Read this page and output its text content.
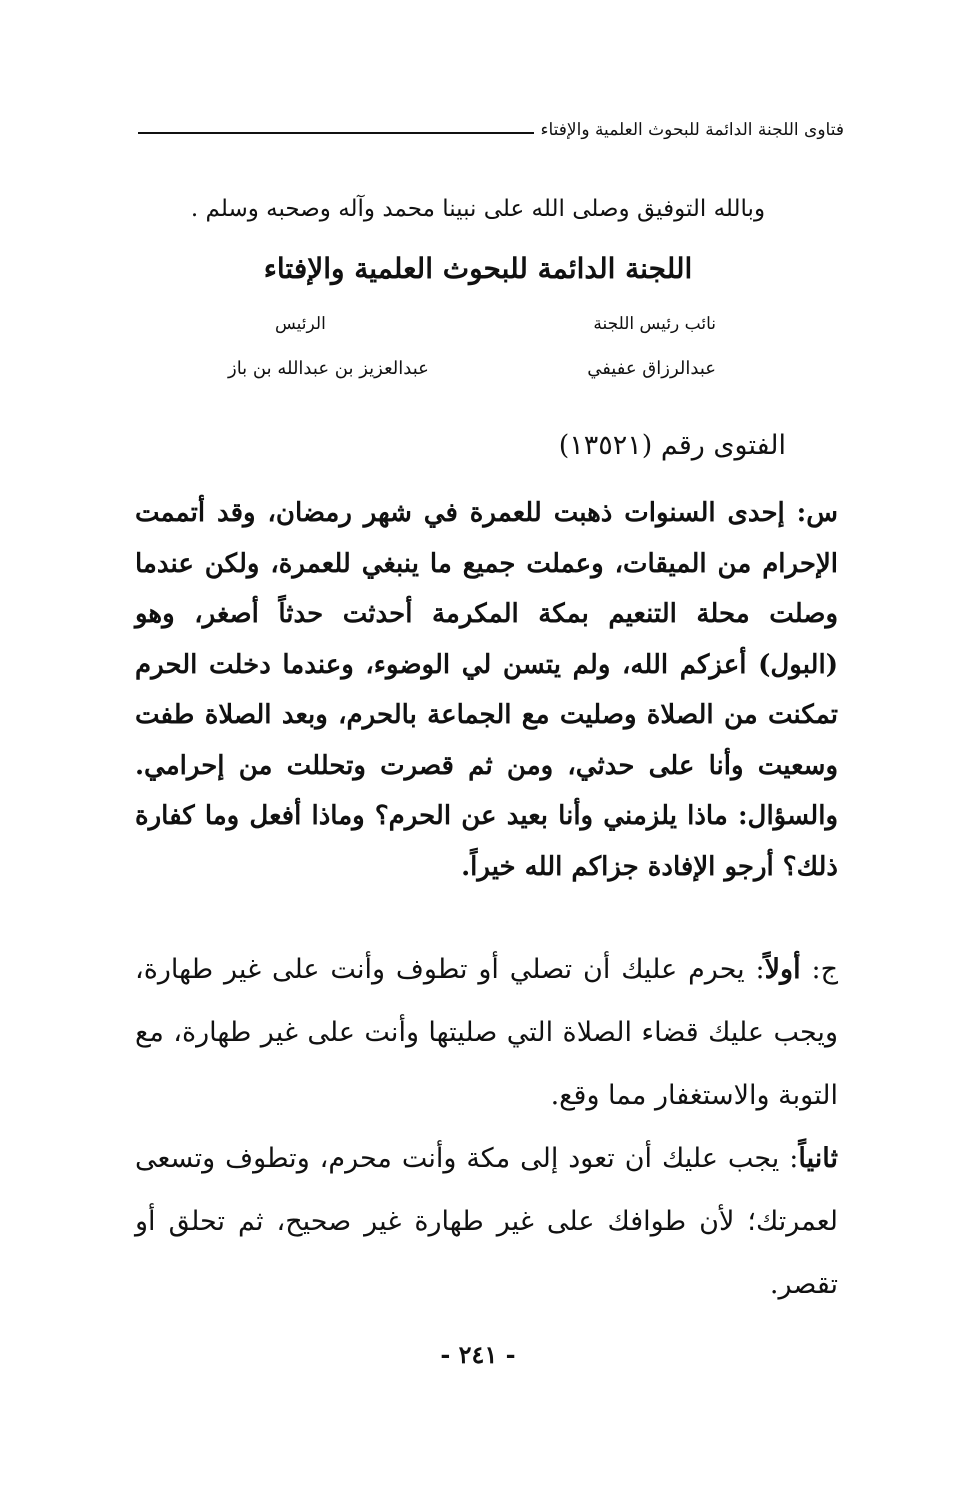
فتاوى اللجنة الدائمة للبحوث العلمية والإفتاء
وبالله التوفيق وصلى الله على نبينا محمد وآله وصحبه وسلم .
اللجنة الدائمة للبحوث العلمية والإفتاء
نائب رئيس اللجنة
الرئيس
عبدالرزاق عفيفي
عبدالعزيز بن عبدالله بن باز
الفتوى رقم (١٣٥٢١)
س: إحدى السنوات ذهبت للعمرة في شهر رمضان، وقد أتممت الإحرام من الميقات، وعملت جميع ما ينبغي للعمرة، ولكن عندما وصلت محلة التنعيم بمكة المكرمة أحدثت حدثاً أصغر، وهو (البول) أعزكم الله، ولم يتسن لي الوضوء، وعندما دخلت الحرم تمكنت من الصلاة وصليت مع الجماعة بالحرم، وبعد الصلاة طفت وسعيت وأنا على حدثي، ومن ثم قصرت وتحللت من إحرامي. والسؤال: ماذا يلزمني وأنا بعيد عن الحرم؟ وماذا أفعل وما كفارة ذلك؟ أرجو الإفادة جزاكم الله خيراً.

ج: أولاً: يحرم عليك أن تصلي أو تطوف وأنت على غير طهارة، ويجب عليك قضاء الصلاة التي صليتها وأنت على غير طهارة، مع التوبة والاستغفار مما وقع.

ثانياً: يجب عليك أن تعود إلى مكة وأنت محرم، وتطوف وتسعى لعمرتك؛ لأن طوافك على غير طهارة غير صحيح، ثم تحلق أو تقصر.

- ٢٤١ -
